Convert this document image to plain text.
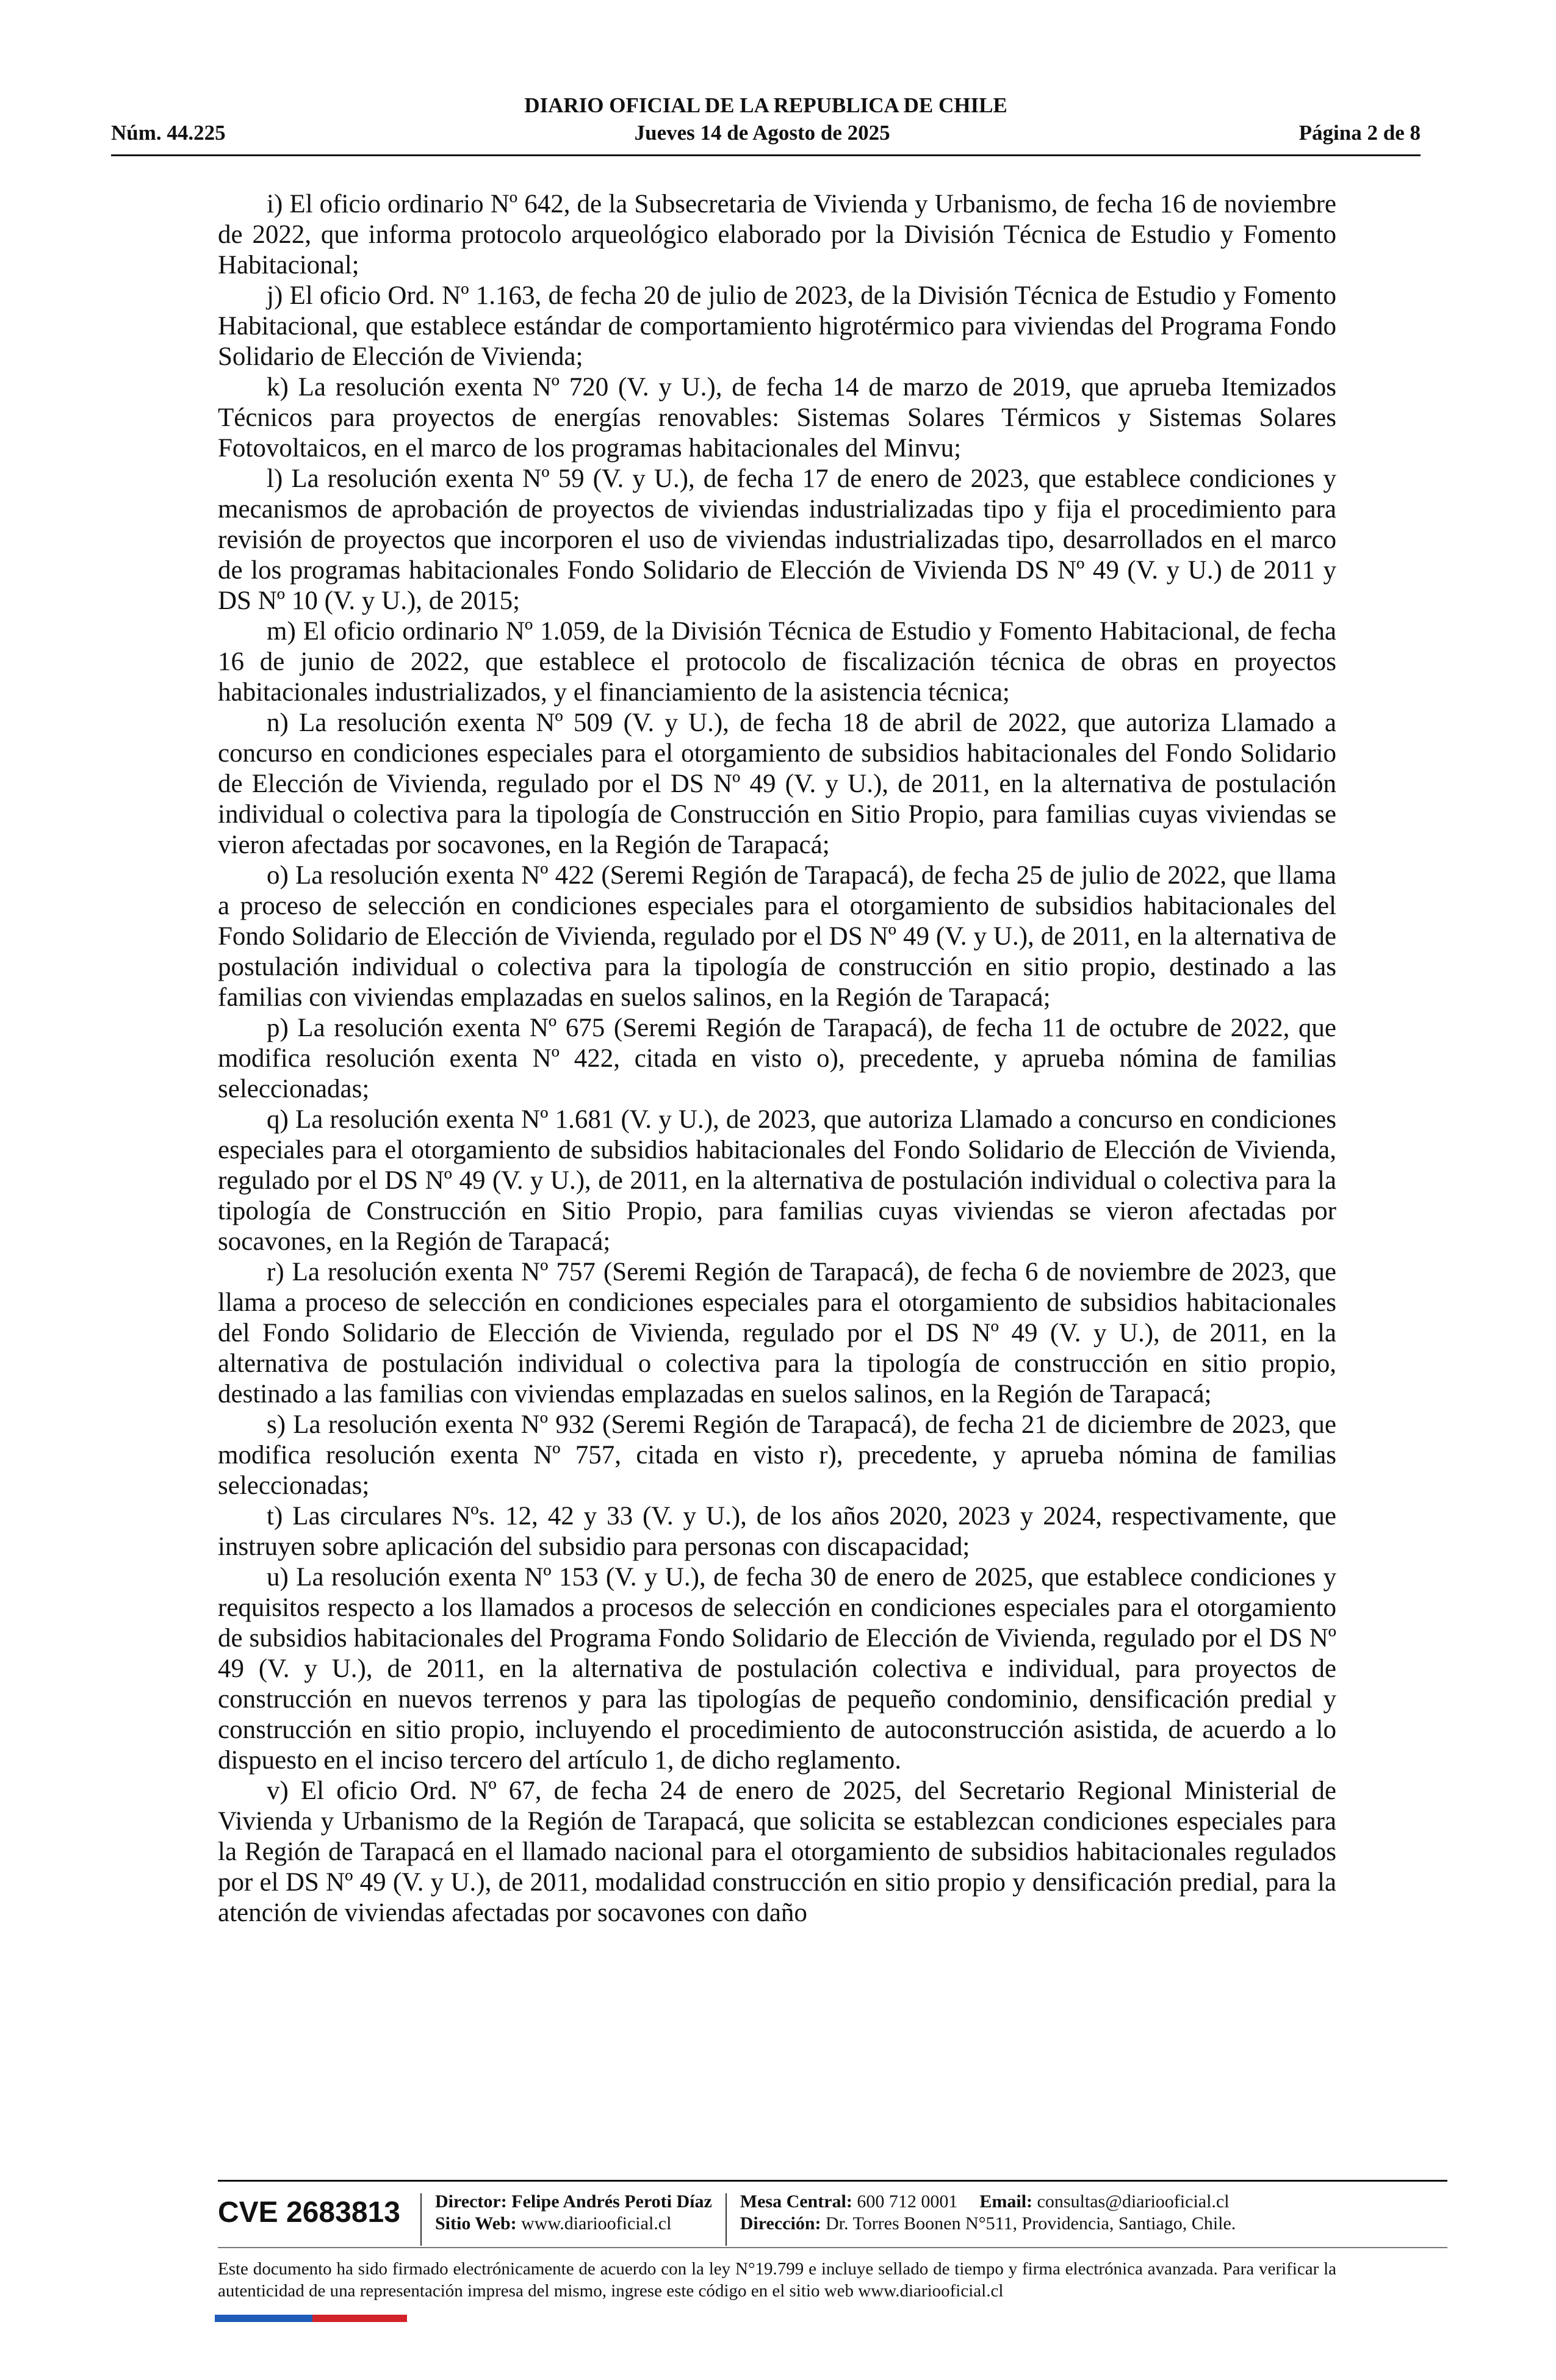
DIARIO OFICIAL DE LA REPUBLICA DE CHILE
Núm. 44.225	Jueves 14 de Agosto de 2025	Página 2 de 8

i) El oficio ordinario Nº 642, de la Subsecretaria de Vivienda y Urbanismo, de fecha 16 de noviembre de 2022, que informa protocolo arqueológico elaborado por la División Técnica de Estudio y Fomento Habitacional;

j) El oficio Ord. Nº 1.163, de fecha 20 de julio de 2023, de la División Técnica de Estudio y Fomento Habitacional, que establece estándar de comportamiento higrotérmico para viviendas del Programa Fondo Solidario de Elección de Vivienda;

k) La resolución exenta Nº 720 (V. y U.), de fecha 14 de marzo de 2019, que aprueba Itemizados Técnicos para proyectos de energías renovables: Sistemas Solares Térmicos y Sistemas Solares Fotovoltaicos, en el marco de los programas habitacionales del Minvu;

l) La resolución exenta Nº 59 (V. y U.), de fecha 17 de enero de 2023, que establece condiciones y mecanismos de aprobación de proyectos de viviendas industrializadas tipo y fija el procedimiento para revisión de proyectos que incorporen el uso de viviendas industrializadas tipo, desarrollados en el marco de los programas habitacionales Fondo Solidario de Elección de Vivienda DS Nº 49 (V. y U.) de 2011 y DS Nº 10 (V. y U.), de 2015;

m) El oficio ordinario Nº 1.059, de la División Técnica de Estudio y Fomento Habitacional, de fecha 16 de junio de 2022, que establece el protocolo de fiscalización técnica de obras en proyectos habitacionales industrializados, y el financiamiento de la asistencia técnica;

n) La resolución exenta Nº 509 (V. y U.), de fecha 18 de abril de 2022, que autoriza Llamado a concurso en condiciones especiales para el otorgamiento de subsidios habitacionales del Fondo Solidario de Elección de Vivienda, regulado por el DS Nº 49 (V. y U.), de 2011, en la alternativa de postulación individual o colectiva para la tipología de Construcción en Sitio Propio, para familias cuyas viviendas se vieron afectadas por socavones, en la Región de Tarapacá;

o) La resolución exenta Nº 422 (Seremi Región de Tarapacá), de fecha 25 de julio de 2022, que llama a proceso de selección en condiciones especiales para el otorgamiento de subsidios habitacionales del Fondo Solidario de Elección de Vivienda, regulado por el DS Nº 49 (V. y U.), de 2011, en la alternativa de postulación individual o colectiva para la tipología de construcción en sitio propio, destinado a las familias con viviendas emplazadas en suelos salinos, en la Región de Tarapacá;

p) La resolución exenta Nº 675 (Seremi Región de Tarapacá), de fecha 11 de octubre de 2022, que modifica resolución exenta Nº 422, citada en visto o), precedente, y aprueba nómina de familias seleccionadas;

q) La resolución exenta Nº 1.681 (V. y U.), de 2023, que autoriza Llamado a concurso en condiciones especiales para el otorgamiento de subsidios habitacionales del Fondo Solidario de Elección de Vivienda, regulado por el DS Nº 49 (V. y U.), de 2011, en la alternativa de postulación individual o colectiva para la tipología de Construcción en Sitio Propio, para familias cuyas viviendas se vieron afectadas por socavones, en la Región de Tarapacá;

r) La resolución exenta Nº 757 (Seremi Región de Tarapacá), de fecha 6 de noviembre de 2023, que llama a proceso de selección en condiciones especiales para el otorgamiento de subsidios habitacionales del Fondo Solidario de Elección de Vivienda, regulado por el DS Nº 49 (V. y U.), de 2011, en la alternativa de postulación individual o colectiva para la tipología de construcción en sitio propio, destinado a las familias con viviendas emplazadas en suelos salinos, en la Región de Tarapacá;

s) La resolución exenta Nº 932 (Seremi Región de Tarapacá), de fecha 21 de diciembre de 2023, que modifica resolución exenta Nº 757, citada en visto r), precedente, y aprueba nómina de familias seleccionadas;

t) Las circulares Nºs. 12, 42 y 33 (V. y U.), de los años 2020, 2023 y 2024, respectivamente, que instruyen sobre aplicación del subsidio para personas con discapacidad;

u) La resolución exenta Nº 153 (V. y U.), de fecha 30 de enero de 2025, que establece condiciones y requisitos respecto a los llamados a procesos de selección en condiciones especiales para el otorgamiento de subsidios habitacionales del Programa Fondo Solidario de Elección de Vivienda, regulado por el DS Nº 49 (V. y U.), de 2011, en la alternativa de postulación colectiva e individual, para proyectos de construcción en nuevos terrenos y para las tipologías de pequeño condominio, densificación predial y construcción en sitio propio, incluyendo el procedimiento de autoconstrucción asistida, de acuerdo a lo dispuesto en el inciso tercero del artículo 1, de dicho reglamento.

v) El oficio Ord. Nº 67, de fecha 24 de enero de 2025, del Secretario Regional Ministerial de Vivienda y Urbanismo de la Región de Tarapacá, que solicita se establezcan condiciones especiales para la Región de Tarapacá en el llamado nacional para el otorgamiento de subsidios habitacionales regulados por el DS Nº 49 (V. y U.), de 2011, modalidad construcción en sitio propio y densificación predial, para la atención de viviendas afectadas por socavones con daño

CVE 2683813	Director: Felipe Andrés Peroti Díaz
Sitio Web: www.diariooficial.cl
Mesa Central: 600 712 0001 Email: consultas@diariooficial.cl
Dirección: Dr. Torres Boonen N°511, Providencia, Santiago, Chile.
Este documento ha sido firmado electrónicamente de acuerdo con la ley N°19.799 e incluye sellado de tiempo y firma electrónica avanzada. Para verificar la autenticidad de una representación impresa del mismo, ingrese este código en el sitio web www.diariooficial.cl
